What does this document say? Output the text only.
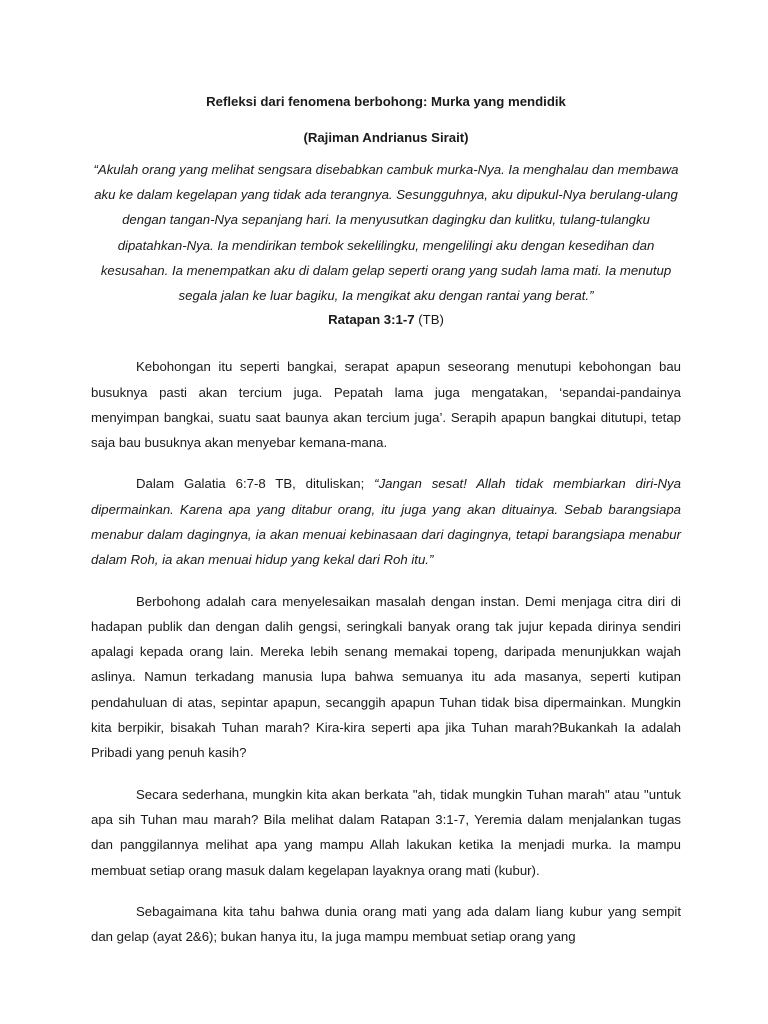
Refleksi dari fenomena berbohong: Murka yang mendidik

(Rajiman Andrianus Sirait)

“Akulah orang yang melihat sengsara disebabkan cambuk murka-Nya. Ia menghalau dan membawa aku ke dalam kegelapan yang tidak ada terangnya. Sesungguhnya, aku dipukul-Nya berulang-ulang dengan tangan-Nya sepanjang hari. Ia menyusutkan dagingku dan kulitku, tulang-tulangku dipatahkan-Nya. Ia mendirikan tembok sekelilingku, mengelilingi aku dengan kesedihan dan kesusahan. Ia menempatkan aku di dalam gelap seperti orang yang sudah lama mati. Ia menutup segala jalan ke luar bagiku, Ia mengikat aku dengan rantai yang berat.”

Ratapan 3:1-7 (TB)

Kebohongan itu seperti bangkai, serapat apapun seseorang menutupi kebohongan bau busuknya pasti akan tercium juga. Pepatah lama juga mengatakan, ‘sepandai-pandainya menyimpan bangkai, suatu saat baunya akan tercium juga’. Serapih apapun bangkai ditutupi, tetap saja bau busuknya akan menyebar kemana-mana.

Dalam Galatia 6:7-8 TB, dituliskan; “Jangan sesat! Allah tidak membiarkan diri-Nya dipermainkan. Karena apa yang ditabur orang, itu juga yang akan dituainya. Sebab barangsiapa menabur dalam dagingnya, ia akan menuai kebinasaan dari dagingnya, tetapi barangsiapa menabur dalam Roh, ia akan menuai hidup yang kekal dari Roh itu.”

Berbohong adalah cara menyelesaikan masalah dengan instan. Demi menjaga citra diri di hadapan publik dan dengan dalih gengsi, seringkali banyak orang tak jujur kepada dirinya sendiri apalagi kepada orang lain. Mereka lebih senang memakai topeng, daripada menunjukkan wajah aslinya. Namun terkadang manusia lupa bahwa semuanya itu ada masanya, seperti kutipan pendahuluan di atas, sepintar apapun, secanggih apapun Tuhan tidak bisa dipermainkan. Mungkin kita berpikir, bisakah Tuhan marah? Kira-kira seperti apa jika Tuhan marah?Bukankah Ia adalah Pribadi yang penuh kasih?

Secara sederhana, mungkin kita akan berkata "ah, tidak mungkin Tuhan marah" atau "untuk apa sih Tuhan mau marah? Bila melihat dalam Ratapan 3:1-7, Yeremia dalam menjalankan tugas dan panggilannya melihat apa yang mampu Allah lakukan ketika Ia menjadi murka. Ia mampu membuat setiap orang masuk dalam kegelapan layaknya orang mati (kubur).

Sebagaimana kita tahu bahwa dunia orang mati yang ada dalam liang kubur yang sempit dan gelap (ayat 2&6); bukan hanya itu, Ia juga mampu membuat setiap orang yang
